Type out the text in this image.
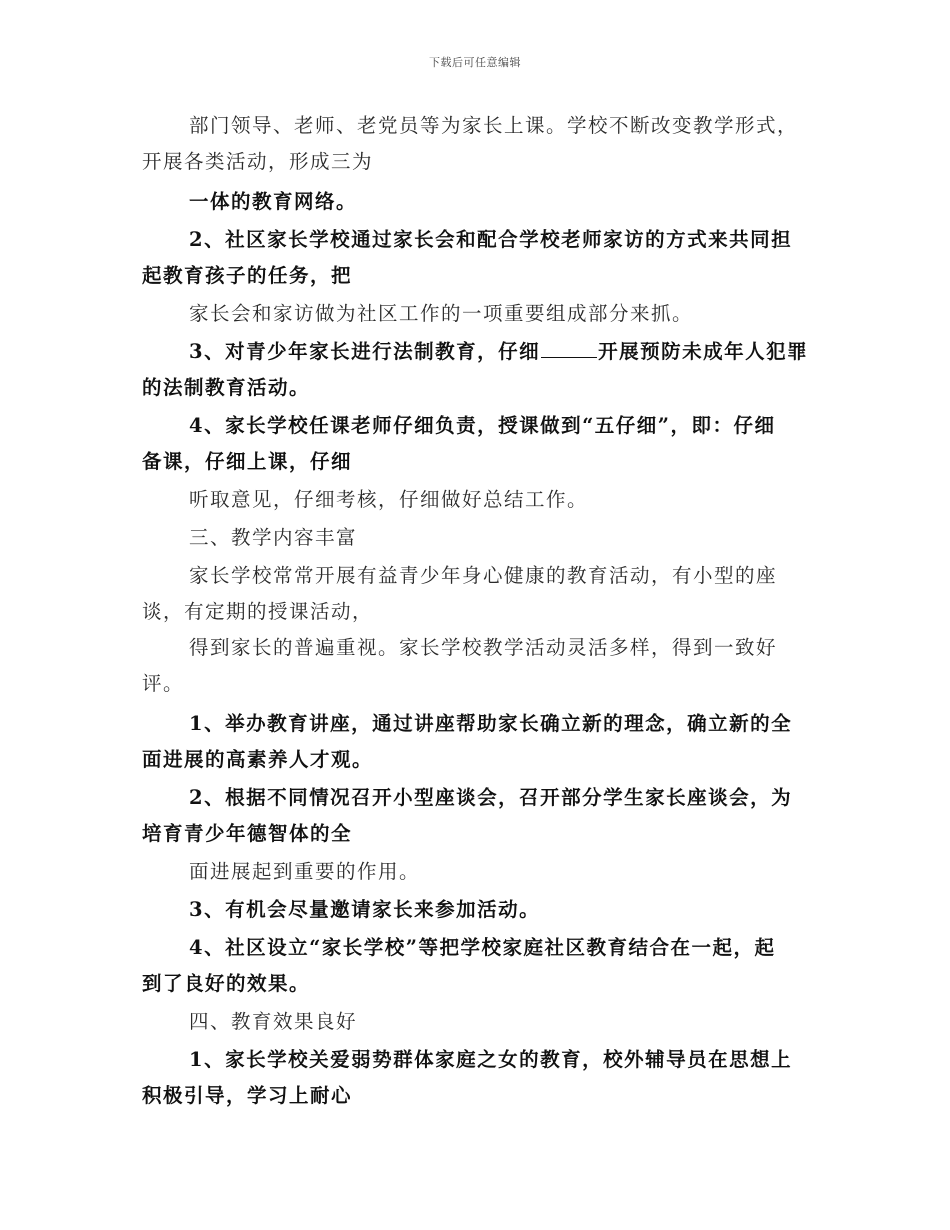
下载后可任意编辑
部门领导、老师、老党员等为家长上课。学校不断改变教学形式，
开展各类活动，形成三为
一体的教育网络。
2、社区家长学校通过家长会和配合学校老师家访的方式来共同担
起教育孩子的任务，把
家长会和家访做为社区工作的一项重要组成部分来抓。
3、对青少年家长进行法制教育，仔细	开展预防未成年人犯罪
的法制教育活动。
4、家长学校任课老师仔细负责，授课做到“五仔细”，即：仔细
备课，仔细上课，仔细
听取意见，仔细考核，仔细做好总结工作。
三、教学内容丰富
家长学校常常开展有益青少年身心健康的教育活动，有小型的座
谈，有定期的授课活动，
得到家长的普遍重视。家长学校教学活动灵活多样，得到一致好
评。
1、举办教育讲座，通过讲座帮助家长确立新的理念，确立新的全
面进展的高素养人才观。
2、根据不同情况召开小型座谈会，召开部分学生家长座谈会，为
培育青少年德智体的全
面进展起到重要的作用。
3、有机会尽量邀请家长来参加活动。
4、社区设立“家长学校”等把学校家庭社区教育结合在一起，起
到了良好的效果。
四、教育效果良好
1、家长学校关爱弱势群体家庭之女的教育，校外辅导员在思想上
积极引导，学习上耐心
